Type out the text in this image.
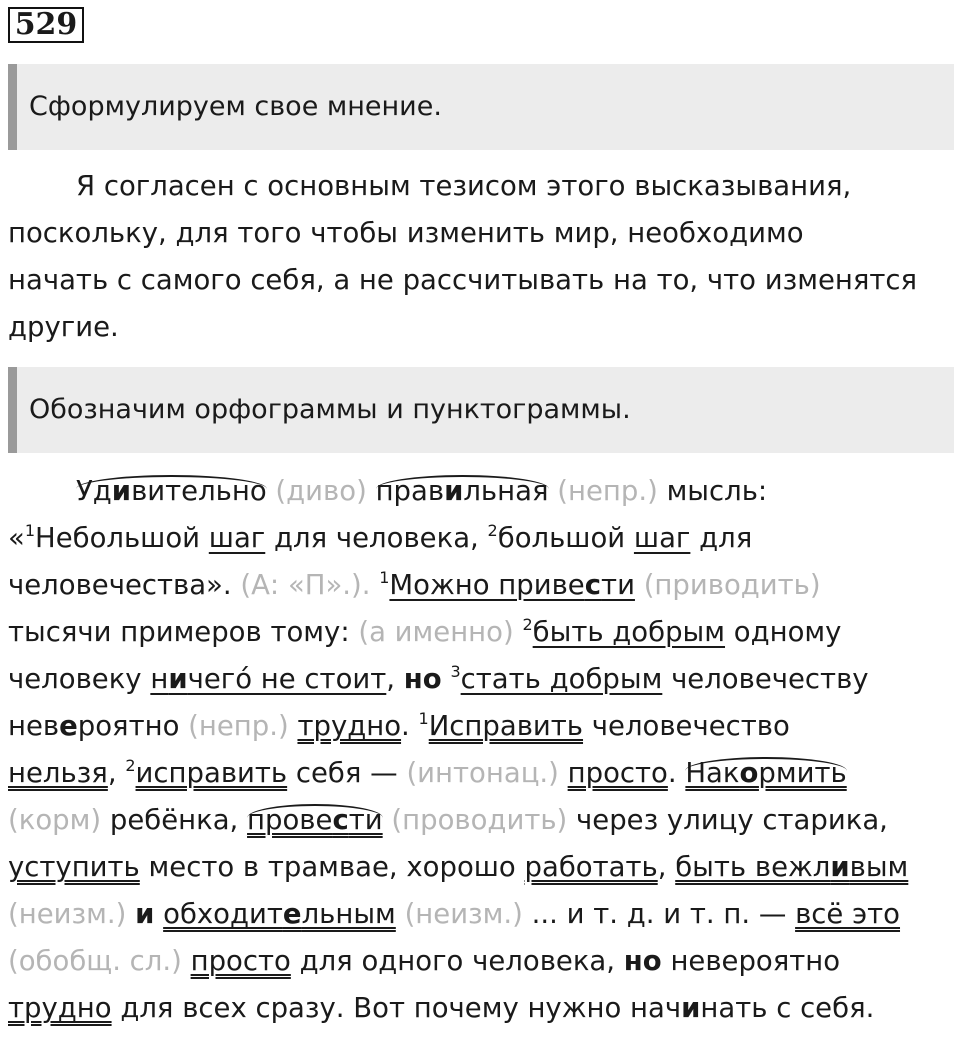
529
Сформулируем свое мнение.
Я согласен с основным тезисом этого высказывания,
поскольку, для того чтобы изменить мир, необходимо
начать с самого себя, а не рассчитывать на то, что изменятся
другие.
Обозначим орфограммы и пунктограммы.
Удивительно (диво) правильная (непр.) мысль:
«$^1$Небольшой шаг для человека, $^2$большой шаг для
человечества». (А: «П».). $^1$Можно привести (приводить)
тысячи примеров тому: (а именно) $^2$быть добрым одному
человеку ничего́ не стоит, но $^3$стать добрым человечеству
невероятно (непр.) трудно. $^1$Исправить человечество
нельзя, $^2$исправить себя — (интонац.) просто. Накормить
(корм) ребёнка, провести (проводить) через улицу старика,
уступить место в трамвае, хорошо работать, быть вежливым
(неизм.) и обходительным (неизм.) ... и т. д. и т. п. — всё это
(обобщ. сл.) просто для одного человека, но невероятно
трудно для всех сразу. Вот почему нужно начинать с себя.
